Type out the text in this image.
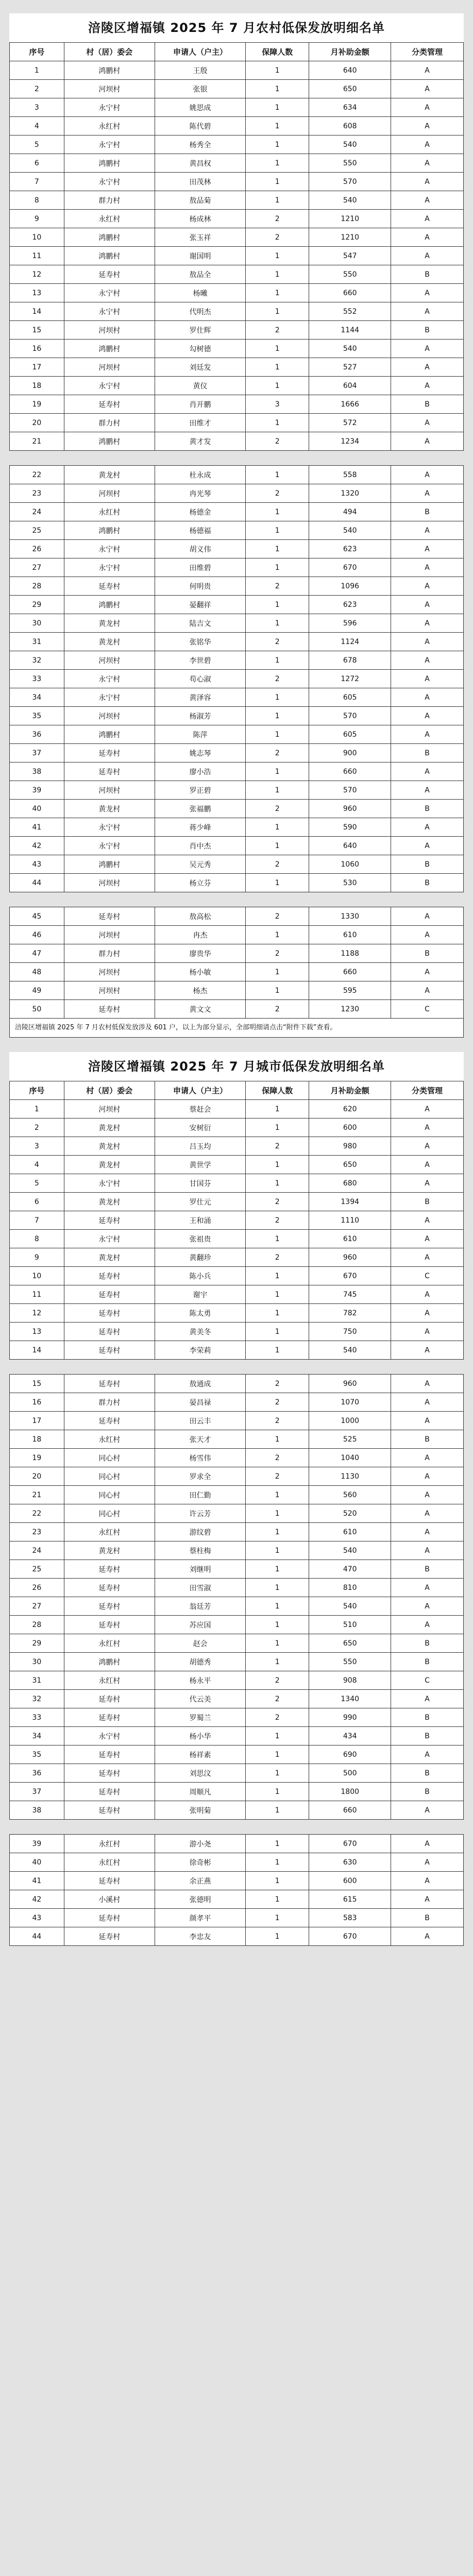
涪陵区增福镇 2025 年 7 月农村低保发放明细名单
序号	村（居）委会	申请人（户主）	保障人数	月补助金额	分类管理
1	鸿鹏村	王殷	1	640	A
2	河坝村	张银	1	650	A
3	永宁村	姚思成	1	634	A
4	永红村	陈代碧	1	608	A
5	永宁村	杨秀全	1	540	A
6	鸿鹏村	黄昌权	1	550	A
7	永宁村	田茂林	1	570	A
8	群力村	敖品菊	1	540	A
9	永红村	杨成林	2	1210	A
10	鸿鹏村	张玉祥	2	1210	A
11	鸿鹏村	谢国明	1	547	A
12	延寿村	敖品全	1	550	B
13	永宁村	杨曦	1	660	A
14	永宁村	代明杰	1	552	A
15	河坝村	罗仕辉	2	1144	B
16	鸿鹏村	勾树德	1	540	A
17	河坝村	刘廷发	1	527	A
18	永宁村	黄仪	1	604	A
19	延寿村	肖开鹏	3	1666	B
20	群力村	田维才	1	572	A
21	鸿鹏村	黄才发	2	1234	A
22	黄龙村	杜永成	1	558	A
23	河坝村	冉光琴	2	1320	A
24	永红村	杨德金	1	494	B
25	鸿鹏村	杨德福	1	540	A
26	永宁村	胡义伟	1	623	A
27	永宁村	田维碧	1	670	A
28	延寿村	何明贵	2	1096	A
29	鸿鹏村	晏翻祥	1	623	A
30	黄龙村	陆吉文	1	596	A
31	黄龙村	张铭华	2	1124	A
32	河坝村	李世碧	1	678	A
33	永宁村	苟心淑	2	1272	A
34	永宁村	黄泽容	1	605	A
35	河坝村	杨淑芳	1	570	A
36	鸿鹏村	陈萍	1	605	A
37	延寿村	姚志琴	2	900	B
38	延寿村	廖小浩	1	660	A
39	河坝村	罗正碧	1	570	A
40	黄龙村	张福鹏	2	960	B
41	永宁村	蒋少峰	1	590	A
42	永宁村	肖中杰	1	640	A
43	鸿鹏村	吴元秀	2	1060	B
44	河坝村	杨立芬	1	530	B
45	延寿村	敖高松	2	1330	A
46	河坝村	冉杰	1	610	A
47	群力村	廖贵华	2	1188	B
48	河坝村	杨小敏	1	660	A
49	河坝村	杨杰	1	595	A
50	延寿村	黄文文	2	1230	C
涪陵区增福镇 2025 年 7 月农村低保发放涉及 601 户，以上为部分显示，全部明细请点击“附件下载”查看。
涪陵区增福镇 2025 年 7 月城市低保发放明细名单
序号	村（居）委会	申请人（户主）	保障人数	月补助金额	分类管理
1	河坝村	蔡赶会	1	620	A
2	黄龙村	安树衍	1	600	A
3	黄龙村	吕玉均	2	980	A
4	黄龙村	黄世学	1	650	A
5	永宁村	甘国芬	1	680	A
6	黄龙村	罗仕元	2	1394	B
7	延寿村	王和涌	2	1110	A
8	永宁村	张祖贵	1	610	A
9	黄龙村	黄翻珍	2	960	A
10	延寿村	陈小兵	1	670	C
11	延寿村	谢宇	1	745	A
12	延寿村	陈太勇	1	782	A
13	延寿村	黄美冬	1	750	A
14	延寿村	李荣莉	1	540	A
15	延寿村	敖通成	2	960	A
16	群力村	晏昌禄	2	1070	A
17	延寿村	田云丰	2	1000	A
18	永红村	张天才	1	525	B
19	同心村	杨雪伟	2	1040	A
20	同心村	罗求全	2	1130	A
21	同心村	田仁勤	1	560	A
22	同心村	许云芳	1	520	A
23	永红村	游纹碧	1	610	A
24	黄龙村	蔡柱梅	1	540	A
25	延寿村	刘继明	1	470	B
26	延寿村	田雪淑	1	810	A
27	延寿村	翁廷芳	1	540	A
28	延寿村	苏应国	1	510	A
29	永红村	赵会	1	650	B
30	鸿鹏村	胡德秀	1	550	B
31	永红村	杨永平	2	908	C
32	延寿村	代云美	2	1340	A
33	延寿村	罗蜀兰	2	990	B
34	永宁村	杨小华	1	434	B
35	延寿村	杨祥素	1	690	A
36	延寿村	刘思汶	1	500	B
37	延寿村	周顺凡	1	1800	B
38	延寿村	张明菊	1	660	A
39	永红村	游小尧	1	670	A
40	永红村	徐奇彬	1	630	A
41	延寿村	余正燕	1	600	A
42	小溪村	张德明	1	615	A
43	延寿村	颜孝平	1	583	B
44	延寿村	李忠友	1	670	A
